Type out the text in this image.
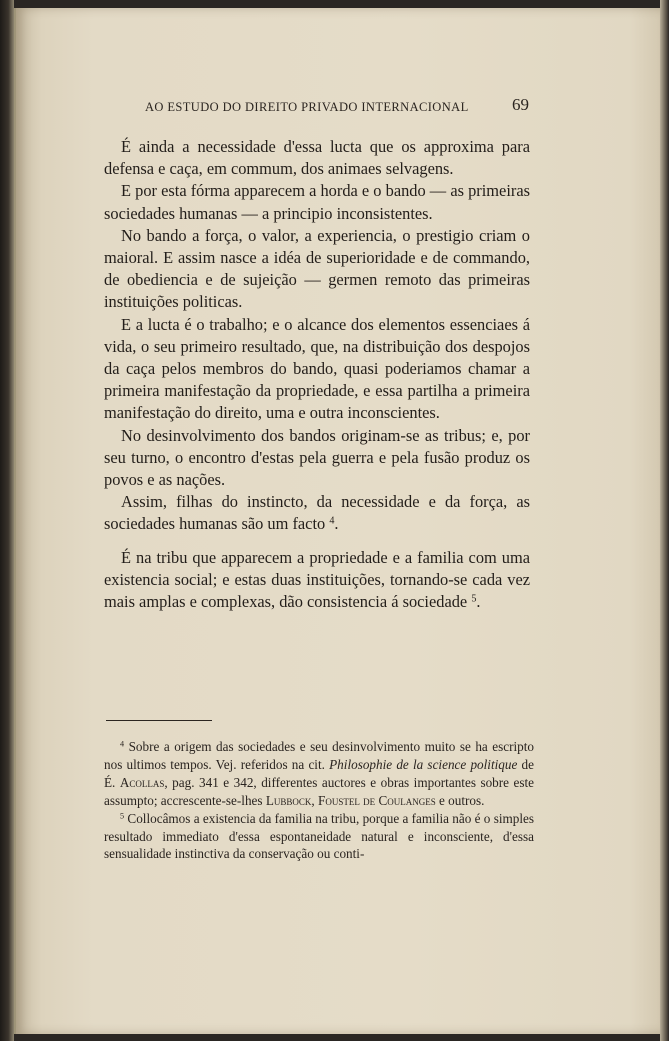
AO ESTUDO DO DIREITO PRIVADO INTERNACIONAL	69

É ainda a necessidade d'essa lucta que os approxima para defensa e caça, em commum, dos animaes selvagens.

E por esta fórma apparecem a horda e o bando — as primeiras sociedades humanas — a principio inconsistentes.

No bando a força, o valor, a experiencia, o prestigio criam o maioral. E assim nasce a idéa de superioridade e de commando, de obediencia e de sujeição — germen remoto das primeiras instituições politicas.

E a lucta é o trabalho; e o alcance dos elementos essenciaes á vida, o seu primeiro resultado, que, na distribuição dos despojos da caça pelos membros do bando, quasi poderiamos chamar a primeira manifestação da propriedade, e essa partilha a primeira manifestação do direito, uma e outra inconscientes.

No desinvolvimento dos bandos originam-se as tribus; e, por seu turno, o encontro d'estas pela guerra e pela fusão produz os povos e as nações.

Assim, filhas do instincto, da necessidade e da força, as sociedades humanas são um facto $^4$.

É na tribu que apparecem a propriedade e a familia com uma existencia social; e estas duas instituições, tornando-se cada vez mais amplas e complexas, dão consistencia á sociedade $^5$.

$^4$ Sobre a origem das sociedades e seu desinvolvimento muito se ha escripto nos ultimos tempos. Vej. referidos na cit. Philosophie de la science politique de É. Acollas, pag. 341 e 342, differentes auctores e obras importantes sobre este assumpto; accrescente-se-lhes Lubbock, Foustel de Coulanges e outros.

$^5$ Collocâmos a existencia da familia na tribu, porque a familia não é o simples resultado immediato d'essa espontaneidade natural e inconsciente, d'essa sensualidade instinctiva da conservação ou conti-
